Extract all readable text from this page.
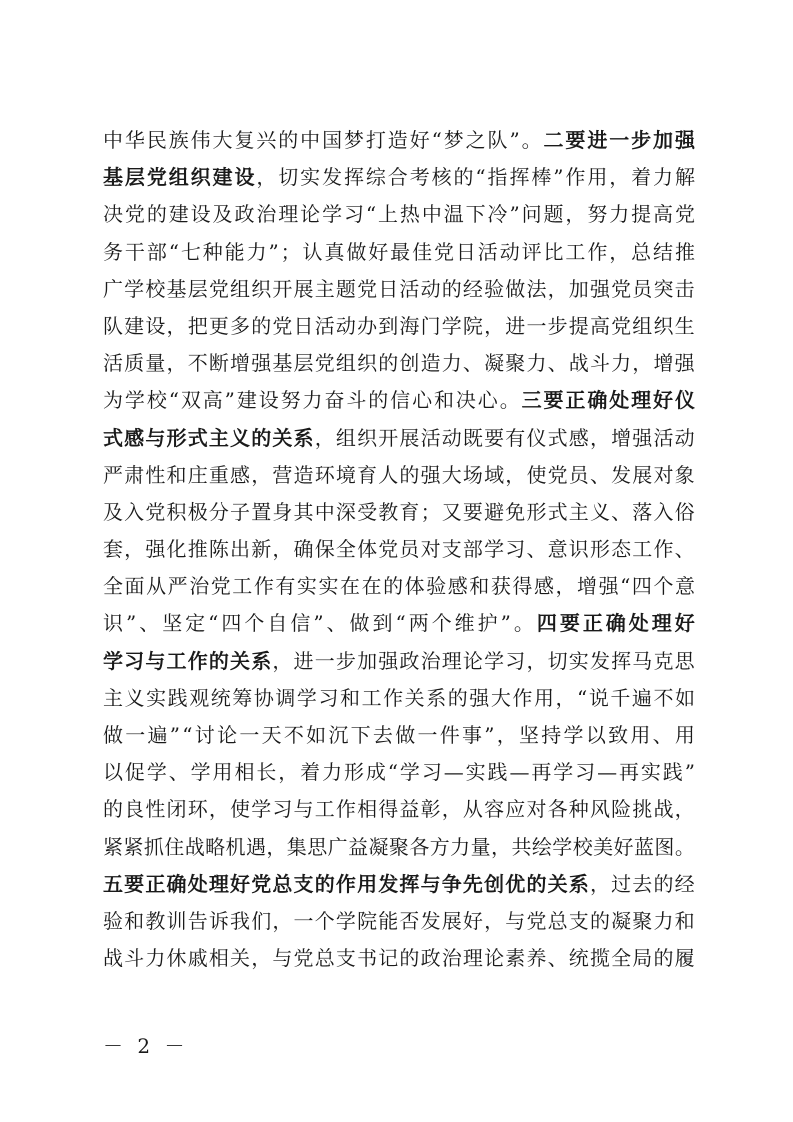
中 华 民 族 伟 大 复 兴 的 中 国 梦 打 造 好 “ 梦 之 队 ” 。 二 要 进 一 步 加 强
基 层 党 组 织 建 设 ， 切 实 发 挥 综 合 考 核 的 “ 指 挥 棒 ” 作 用 ， 着 力 解
决 党 的 建 设 及 政 治 理 论 学 习 “ 上 热 中 温 下 冷 ” 问 题 ， 努 力 提 高 党
务 干 部 “ 七 种 能 力 ” ； 认 真 做 好 最 佳 党 日 活 动 评 比 工 作 ， 总 结 推
广 学 校 基 层 党 组 织 开 展 主 题 党 日 活 动 的 经 验 做 法 ， 加 强 党 员 突 击
队 建 设 ， 把 更 多 的 党 日 活 动 办 到 海 门 学 院 ， 进 一 步 提 高 党 组 织 生
活 质 量 ， 不 断 增 强 基 层 党 组 织 的 创 造 力 、 凝 聚 力 、 战 斗 力 ， 增 强
为 学 校 “ 双 高 ” 建 设 努 力 奋 斗 的 信 心 和 决 心 。 三 要 正 确 处 理 好 仪
式 感 与 形 式 主 义 的 关 系 ， 组 织 开 展 活 动 既 要 有 仪 式 感 ， 增 强 活 动
严 肃 性 和 庄 重 感 ， 营 造 环 境 育 人 的 强 大 场 域 ， 使 党 员 、 发 展 对 象
及 入 党 积 极 分 子 置 身 其 中 深 受 教 育 ； 又 要 避 免 形 式 主 义 、 落 入 俗
套 ， 强 化 推 陈 出 新 ， 确 保 全 体 党 员 对 支 部 学 习 、 意 识 形 态 工 作 、
全 面 从 严 治 党 工 作 有 实 实 在 在 的 体 验 感 和 获 得 感 ， 增 强 “ 四 个 意
识 ” 、 坚 定 “ 四 个 自 信 ” 、 做 到 “ 两 个 维 护 ” 。 四 要 正 确 处 理 好
学 习 与 工 作 的 关 系 ， 进 一 步 加 强 政 治 理 论 学 习 ， 切 实 发 挥 马 克 思
主 义 实 践 观 统 筹 协 调 学 习 和 工 作 关 系 的 强 大 作 用 ， “ 说 千 遍 不 如
做 一 遍 ” “ 讨 论 一 天 不 如 沉 下 去 做 一 件 事 ” ， 坚 持 学 以 致 用 、 用
以 促 学 、 学 用 相 长 ， 着 力 形 成 “ 学 习 — 实 践 — 再 学 习 — 再 实 践 ”
的 良 性 闭 环 ， 使 学 习 与 工 作 相 得 益 彰 ， 从 容 应 对 各 种 风 险 挑 战 ，
紧 紧 抓 住 战 略 机 遇 ， 集 思 广 益 凝 聚 各 方 力 量 ， 共 绘 学 校 美 好 蓝 图 。
五 要 正 确 处 理 好 党 总 支 的 作 用 发 挥 与 争 先 创 优 的 关 系 ， 过 去 的 经
验 和 教 训 告 诉 我 们 ， 一 个 学 院 能 否 发 展 好 ， 与 党 总 支 的 凝 聚 力 和
战 斗 力 休 戚 相 关 ， 与 党 总 支 书 记 的 政 治 理 论 素 养 、 统 揽 全 局 的 履
－ 2 －
